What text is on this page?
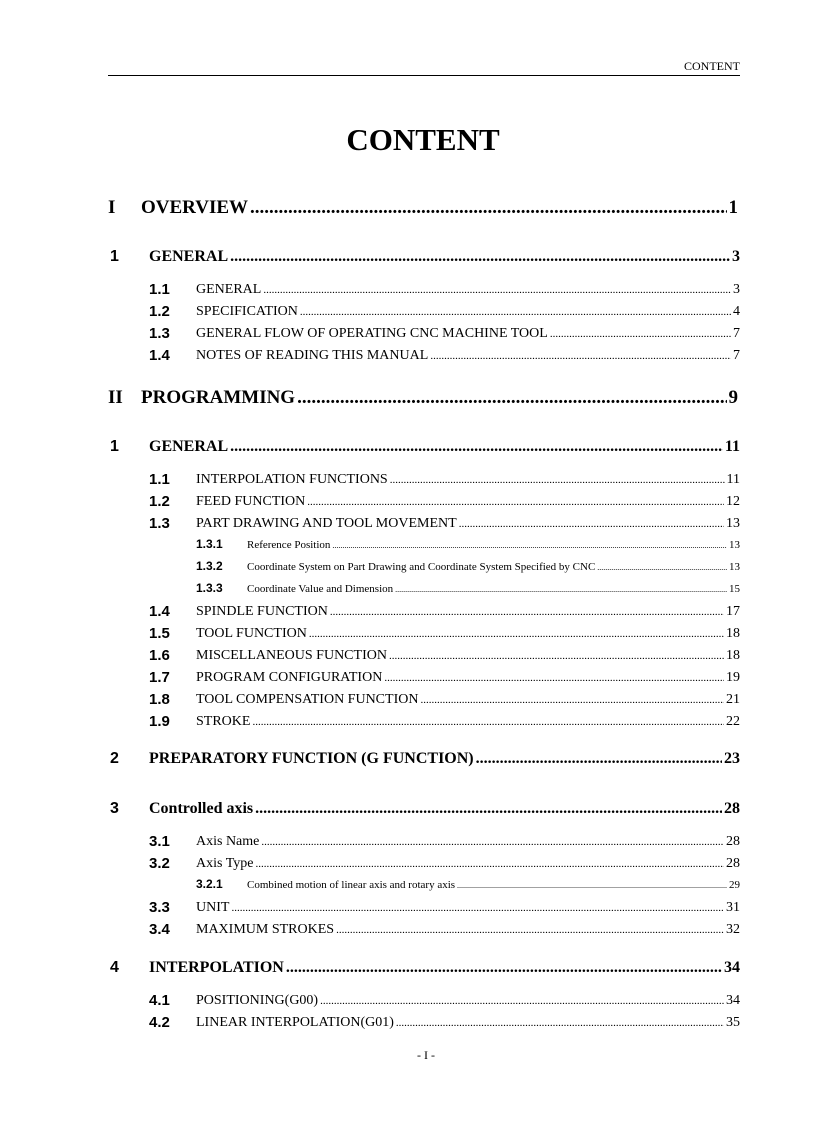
CONTENT
CONTENT
I OVERVIEW .....	1
1 GENERAL .....	3
1.1 GENERAL .....	3
1.2 SPECIFICATION .....	4
1.3 GENERAL FLOW OF OPERATING CNC MACHINE TOOL .....	7
1.4 NOTES OF READING THIS MANUAL .....	7
II PROGRAMMING .....	9
1 GENERAL .....	11
1.1 INTERPOLATION FUNCTIONS .....	11
1.2 FEED FUNCTION .....	12
1.3 PART DRAWING AND TOOL MOVEMENT .....	13
1.3.1 Reference Position .....	13
1.3.2 Coordinate System on Part Drawing and Coordinate System Specified by CNC .....	13
1.3.3 Coordinate Value and Dimension .....	15
1.4 SPINDLE FUNCTION .....	17
1.5 TOOL FUNCTION .....	18
1.6 MISCELLANEOUS FUNCTION .....	18
1.7 PROGRAM CONFIGURATION .....	19
1.8 TOOL COMPENSATION FUNCTION .....	21
1.9 STROKE .....	22
2 PREPARATORY FUNCTION (G FUNCTION) .....	23
3 Controlled axis .....	28
3.1 Axis Name .....	28
3.2 Axis Type .....	28
3.2.1 Combined motion of linear axis and rotary axis .....	29
3.3 UNIT .....	31
3.4 MAXIMUM STROKES .....	32
4 INTERPOLATION .....	34
4.1 POSITIONING(G00) .....	34
4.2 LINEAR INTERPOLATION(G01) .....	35
- I -
